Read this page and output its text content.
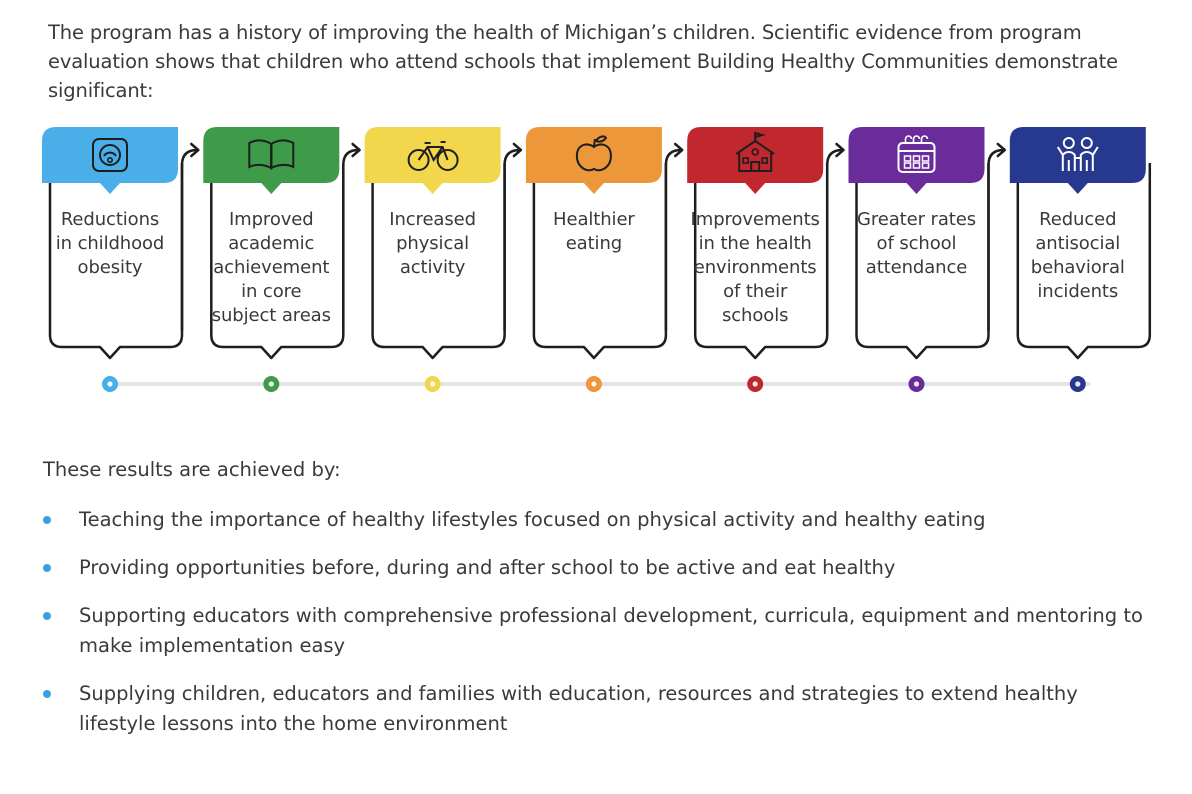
The program has a history of improving the health of Michigan’s children. Scientific evidence from program evaluation shows that children who attend schools that implement Building Healthy Communities demonstrate significant:

Reductions
in childhood
obesity
Improved
academic
achievement
in core
subject areas
Increased
physical
activity
Healthier
eating
Improvements
in the health
environments
of their
schools
Greater rates
of school
attendance
Reduced
antisocial
behavioral
incidents
These results are achieved by:
Teaching the importance of healthy lifestyles focused on physical activity and healthy eating
Providing opportunities before, during and after school to be active and eat healthy
Supporting educators with comprehensive professional development, curricula, equipment and mentoring to make implementation easy
Supplying children, educators and families with education, resources and strategies to extend healthy lifestyle lessons into the home environment
